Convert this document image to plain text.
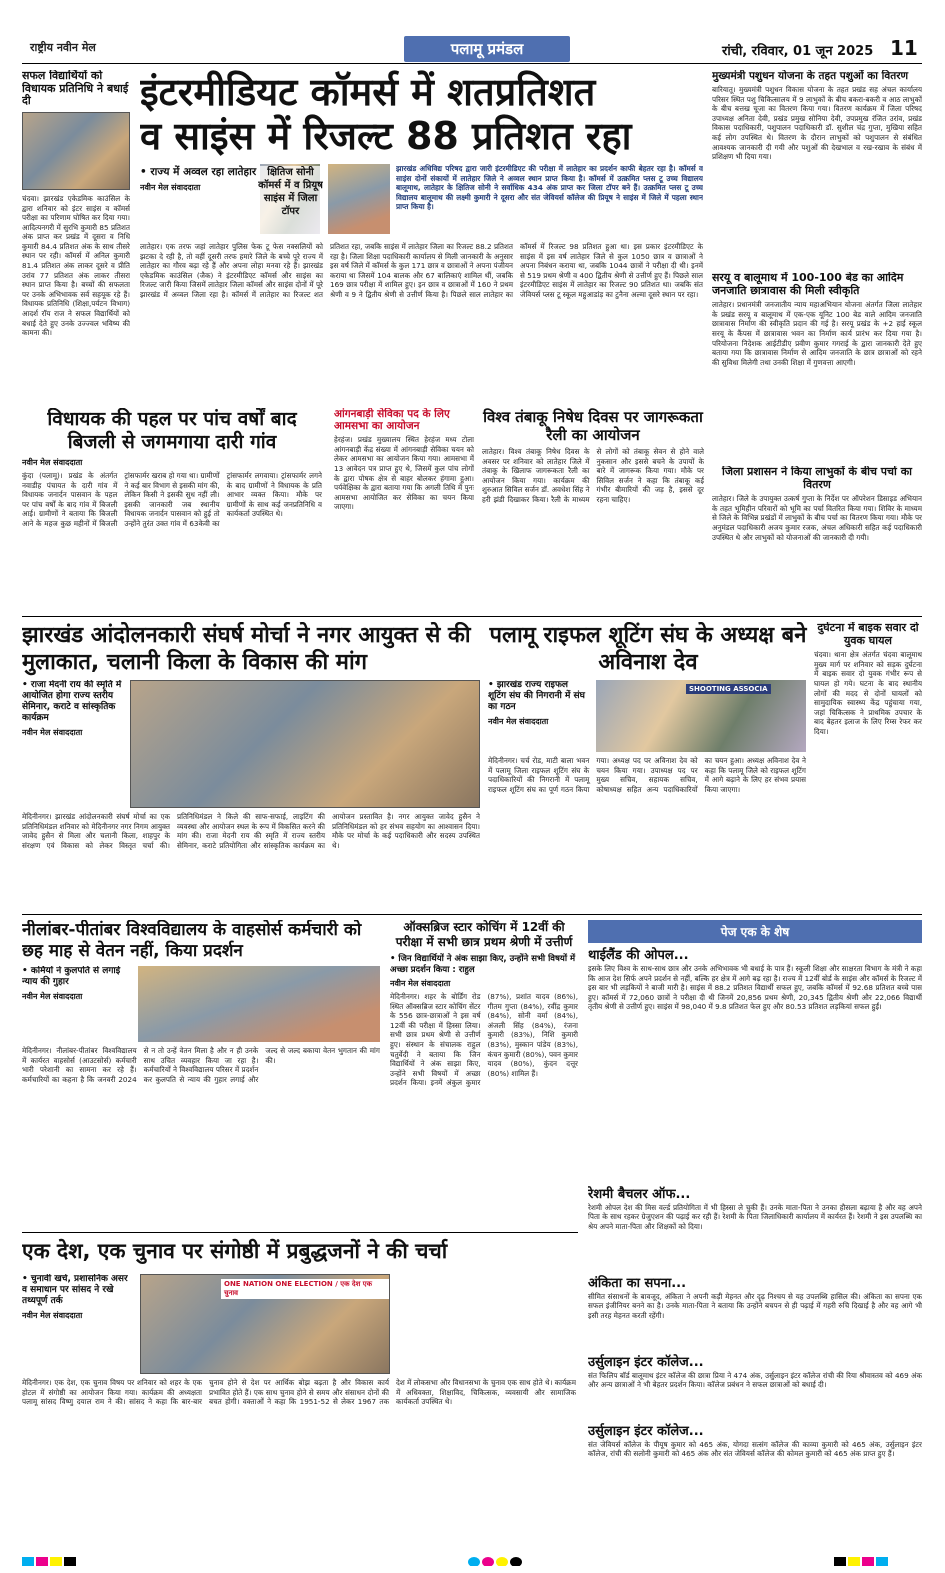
राष्ट्रीय नवीन मेल	पलामू प्रमंडल	रांची, रविवार, 01 जून 2025 11
सफल विद्यार्थियों को विधायक प्रतिनिधि ने बधाई दी
चंदवा। झारखंड एकेडमिक काउंसिल के द्वारा शनिवार को इंटर साइंस व कॉमर्स परीक्षा का परिणाम घोषित कर दिया गया। आदित्यनगरी में सुरभि कुमारी 85 प्रतिशत अंक प्राप्त कर प्रखंड में दूसरा व निधि कुमारी 84.4 प्रतिशत अंक के साथ तीसरे स्थान पर रही। कॉमर्स में अनिल कुमारी 81.4 प्रतिशत अंक लाकर दूसरे व प्रीति उरांव 77 प्रतिशत अंक लाकर तीसरा स्थान प्राप्त किया है। बच्चों की सफलता पर उनके अभिभावक सर्व सहयूक रहे हैं। विधायक प्रतिनिधि (शिक्षा,पर्यटन विभाग) आदर्श रॉय राज ने सफल विद्यार्थियों को बधाई देते हुए उनके उज्ज्वल भविष्य की कामना की।
इंटरमीडियट कॉमर्स में शतप्रतिशत
व साइंस में रिजल्ट 88 प्रतिशत रहा
• राज्य में अव्वल रहा लातेहार
नवीन मेल संवाददाता
क्षितिज सोनी कॉमर्स में व प्रियूष साइंस में जिला टॉपर
झारखंड अधिविद्य परिषद द्वारा जारी इंटरमीडिएट की परीक्षा में लातेहार का प्रदर्शन काफी बेहतर रहा है। कॉमर्स व साइंस दोनों संकायों में लातेहार जिले ने अव्वल स्थान प्राप्त किया है। कॉमर्स में उत्क्रमित प्लस टू उच्च विद्यालय बालूमाथ, लातेहार के क्षितिज सोनी ने सर्वाधिक 434 अंक प्राप्त कर जिला टॉपर बने हैं। उत्क्रमित प्लस टू उच्च विद्यालय बालूमाथ की लक्ष्मी कुमारी ने दूसरा और संत जेवियर्स कॉलेज की प्रियूष ने साइंस में जिले में पहला स्थान प्राप्त किया है।
लातेहार। एक तरफ जहां लातेहार पुलिस फेक टू फेस नक्सलियों को झटका दे रही है, तो वहीं दूसरी तरफ हमारे जिले के बच्चे पूरे राज्य में लातेहार का गौरव बढ़ा रहे हैं और अपना लोहा मनवा रहे हैं। झारखंड एकेडमिक काउंसिल (जैक) ने इंटरमीडिएट कॉमर्स और साइंस का रिजल्ट जारी किया जिसमें लातेहार जिला कॉमर्स और साइंस दोनों में पूरे झारखंड में अव्वल जिला रहा है। कॉमर्स में लातेहार का रिजल्ट शत प्रतिशत रहा, जबकि साइंस में लातेहार जिला का रिजल्ट 88.2 प्रतिशत रहा है। जिला शिक्षा पदाधिकारी कार्यालय से मिली जानकारी के अनुसार इस वर्ष जिले में कॉमर्स के कुल 171 छात्र व छात्राओं ने अपना पंजीयन कराया था जिसमें 104 बालक और 67 बालिकाएं शामिल थीं, जबकि 169 छात्र परीक्षा में शामिल हुए। इन छात्र व छात्राओं में 160 ने प्रथम श्रेणी व 9 ने द्वितीय श्रेणी से उत्तीर्ण किया है। पिछले साल लातेहार का कॉमर्स में रिजल्ट 98 प्रतिशत हुआ था। इस प्रकार इंटरमीडिएट के साइंस में इस वर्ष लातेहार जिले से कुल 1050 छात्र व छात्राओं ने अपना निबंधन कराया था, जबकि 1044 छात्रों ने परीक्षा दी थी। इनमें से 519 प्रथम श्रेणी व 400 द्वितीय श्रेणी से उत्तीर्ण हुए हैं। पिछले साल इंटरमीडिएट साइंस में लातेहार का रिजल्ट 90 प्रतिशत था। जबकि संत जेवियर्स प्लस टू स्कूल महुआडांड़ का टुनैना अल्मा दूसरे स्थान पर रहा।
मुख्यमंत्री पशुधन योजना के तहत पशुओं का वितरण
बारियातू। मुख्यमंत्री पशुधन विकास योजना के तहत प्रखंड सह अंचल कार्यालय परिसर स्थित पशु चिकित्सालय में 9 लाभुकों के बीच बकरा-बकरी व आठ लाभुकों के बीच बत्तख चूजा का वितरण किया गया। वितरण कार्यक्रम में जिला परिषद उपाध्यक्ष अनिता देवी, प्रखंड प्रमुख सोनिया देवी, उपप्रमुख रंजित उरांव, प्रखंड विकास पदाधिकारी, पशुपालन पदाधिकारी डॉ. सुशील चंद्र गुप्ता, मुखिया सहित कई लोग उपस्थित थे। वितरण के दौरान लाभुकों को पशुपालन से संबंधित आवश्यक जानकारी दी गयी और पशुओं की देखभाल व रख-रखाव के संबंध में प्रशिक्षण भी दिया गया।
सरयू व बालूमाथ में 100-100 बेड का आदिम जनजाति छात्रावास की मिली स्वीकृति
लातेहार। प्रधानमंत्री जनजातीय न्याय महाअभियान योजना अंतर्गत जिला लातेहार के प्रखंड सरयू व बालूमाथ में एक-एक यूनिट 100 बेड वाले आदिम जनजाति छात्रावास निर्माण की स्वीकृति प्रदान की गई है। सरयू प्रखंड के +2 हाई स्कूल सरयू के कैंपस में छात्रावास भवन का निर्माण कार्य प्रारंभ कर दिया गया है। परियोजना निदेशक आईटीडीए प्रवीण कुमार गगराई के द्वारा जानकारी देते हुए बताया गया कि छात्रावास निर्माण से आदिम जनजाति के छात्र छात्राओं को रहने की सुविधा मिलेगी तथा उनकी शिक्षा में गुणवत्ता आएगी।
जिला प्रशासन ने किया लाभुकों के बीच पर्चा का वितरण
लातेहार। जिले के उपायुक्त उत्कर्ष गुप्ता के निर्देश पर ऑपरेशन डिसाइड अभियान के तहत भूमिहीन परिवारों को भूमि का पर्चा वितरित किया गया। शिविर के माध्यम से जिले के विभिन्न प्रखंडों में लाभुकों के बीच पर्चा का वितरण किया गया। मौके पर अनुमंडल पदाधिकारी अजय कुमार रजक, अंचल अधिकारी सहित कई पदाधिकारी उपस्थित थे और लाभुकों को योजनाओं की जानकारी दी गयी।
विधायक की पहल पर पांच वर्षों बाद बिजली से जगमगाया दारी गांव
नवीन मेल संवाददाता
कुंदा (पलामू)। प्रखंड के अंतर्गत नवाडीह पंचायत के दारी गांव में विधायक जनार्दन पासवान के पहल पर पांच वर्षों के बाद गांव में बिजली आई। ग्रामीणों ने बताया कि बिजली आने के महज कुछ महीनों में बिजली ट्रांसफार्मर खराब हो गया था। ग्रामीणों ने कई बार विभाग से इसकी मांग की, लेकिन किसी ने इसकी सुध नहीं ली। इसकी जानकारी जब स्थानीय विधायक जनार्दन पासवान को हुई तो उन्होंने तुरंत उक्त गांव में 63केवी का ट्रांसफार्मर लगवाया। ट्रांसफार्मर लगने के बाद ग्रामीणों ने विधायक के प्रति आभार व्यक्त किया। मौके पर ग्रामीणों के साथ कई जनप्रतिनिधि व कार्यकर्ता उपस्थित थे।
आंगनबाड़ी सेविका पद के लिए आमसभा का आयोजन
हेरहंज। प्रखंड मुख्यालय स्थित हेरहंज मध्य टोला आंगनबाड़ी केंद्र संख्या में आंगनबाड़ी सेविका चयन को लेकर आमसभा का आयोजन किया गया। आमसभा में 13 आवेदन पत्र प्राप्त हुए थे, जिसमें कुल पांच लोगों के द्वारा पोषक क्षेत्र से बाहर बोलकर हंगामा हुआ। पर्यवेक्षिका के द्वारा बताया गया कि अगली तिथि में पुनः आमसभा आयोजित कर सेविका का चयन किया जाएगा।
विश्व तंबाकू निषेध दिवस पर जागरूकता रैली का आयोजन
लातेहार। विश्व तंबाकू निषेध दिवस के अवसर पर शनिवार को लातेहार जिले में तंबाकू के खिलाफ जागरूकता रैली का आयोजन किया गया। कार्यक्रम की शुरुआत सिविल सर्जन डॉ. अवधेश सिंह ने हरी झंडी दिखाकर किया। रैली के माध्यम से लोगों को तंबाकू सेवन से होने वाले नुकसान और इससे बचने के उपायों के बारे में जागरूक किया गया। मौके पर सिविल सर्जन ने कहा कि तंबाकू कई गंभीर बीमारियों की जड़ है, इससे दूर रहना चाहिए।
झारखंड आंदोलनकारी संघर्ष मोर्चा ने नगर आयुक्त से की मुलाकात, चलानी किला के विकास की मांग
• राजा मेदनी राय की स्मृति में आयोजित होगा राज्य स्तरीय सेमिनार, कराटे व सांस्कृतिक कार्यक्रम
नवीन मेल संवाददाता
मेदिनीनगर। झारखंड आंदोलनकारी संघर्ष मोर्चा का एक प्रतिनिधिमंडल शनिवार को मेदिनीनगर नगर निगम आयुक्त जावेद हुसैन से मिला और चलानी किला, शाहपुर के संरक्षण एवं विकास को लेकर विस्तृत चर्चा की। प्रतिनिधिमंडल ने किले की साफ-सफाई, लाइटिंग की व्यवस्था और आयोजन स्थल के रूप में विकसित करने की मांग की। राजा मेदनी राय की स्मृति में राज्य स्तरीय सेमिनार, कराटे प्रतियोगिता और सांस्कृतिक कार्यक्रम का आयोजन प्रस्तावित है। नगर आयुक्त जावेद हुसैन ने प्रतिनिधिमंडल को हर संभव सहयोग का आश्वासन दिया। मौके पर मोर्चा के कई पदाधिकारी और सदस्य उपस्थित थे।
पलामू राइफल शूटिंग संघ के अध्यक्ष बने अविनाश देव
• झारखंड राज्य राइफल शूटिंग संघ की निगरानी में संघ का गठन
नवीन मेल संवाददाता
SHOOTING ASSOCIA
मेदिनीनगर। चर्च रोड, माटी बाला भवन में पलामू जिला राइफल शूटिंग संघ के पदाधिकारियों की निगरानी में पलामू राइफल शूटिंग संघ का पूर्ण गठन किया गया। अध्यक्ष पद पर अविनाश देव को चयन किया गया। उपाध्यक्ष पद पर मुख्य सचिव, सहायक सचिव, कोषाध्यक्ष सहित अन्य पदाधिकारियों का चयन हुआ। अध्यक्ष अविनाश देव ने कहा कि पलामू जिले को राइफल शूटिंग में आगे बढ़ाने के लिए हर संभव प्रयास किया जाएगा।
दुर्घटना में बाइक सवार दो युवक घायल
चंदवा। थाना क्षेत्र अंतर्गत चंदवा बालूमाथ मुख्य मार्ग पर शनिवार को सड़क दुर्घटना में बाइक सवार दो युवक गंभीर रूप से घायल हो गये। घटना के बाद स्थानीय लोगों की मदद से दोनों घायलों को सामुदायिक स्वास्थ्य केंद्र पहुंचाया गया, जहां चिकित्सक ने प्राथमिक उपचार के बाद बेहतर इलाज के लिए रिम्स रेफर कर दिया।
नीलांबर-पीतांबर विश्वविद्यालय के वाहसोर्स कर्मचारी को छह माह से वेतन नहीं, किया प्रदर्शन
• कर्मियों ने कुलपति से लगाई न्याय की गुहार
नवीन मेल संवाददाता
मेदिनीनगर। नीलांबर-पीतांबर विश्वविद्यालय में कार्यरत वाहसोर्स (आउटसोर्स) कर्मचारी भारी परेशानी का सामना कर रहे हैं। कर्मचारियों का कहना है कि जनवरी 2024 से न तो उन्हें वेतन मिला है और न ही उनके साथ उचित व्यवहार किया जा रहा है। कर्मचारियों ने विश्वविद्यालय परिसर में प्रदर्शन कर कुलपति से न्याय की गुहार लगाई और जल्द से जल्द बकाया वेतन भुगतान की मांग की।
ऑक्सब्रिज स्टार कोचिंग में 12वीं की परीक्षा में सभी छात्र प्रथम श्रेणी में उत्तीर्ण
• जिन विद्यार्थियों ने अंक साझा किए, उन्होंने सभी विषयों में अच्छा प्रदर्शन किया : राहुल
नवीन मेल संवाददाता
मेदिनीनगर। शहर के बोर्डिंग रोड स्थित ऑक्सब्रिज स्टार कोचिंग सेंटर के 556 छात्र-छात्राओं ने इस वर्ष 12वीं की परीक्षा में हिस्सा लिया। सभी छात्र प्रथम श्रेणी से उत्तीर्ण हुए। संस्थान के संचालक राहुल चतुर्वेदी ने बताया कि जिन विद्यार्थियों ने अंक साझा किए, उन्होंने सभी विषयों में अच्छा प्रदर्शन किया। इनमें अंकुल कुमार (87%), प्रशांत यादव (86%), गीतम गुप्ता (84%), रवींद्र कुमार (84%), सोनी वर्मा (84%), अंजली सिंह (84%), रंजना कुमारी (83%), निशि कुमारी (83%), मुस्कान पांडेय (83%), कंचन कुमारी (80%), पवन कुमार यादव (80%), कुंदन दत्तूर (80%) शामिल हैं।
पेज एक के शेष
थाईलैंड की ओपल...
इसके लिए विश्व के साथ-साथ छात्र और उनके अभिभावक भी बधाई के पात्र हैं। स्कूली शिक्षा और साक्षरता विभाग के मंत्री ने कहा कि आज देश सिर्फ अपने प्रदर्शन से नहीं, बल्कि हर क्षेत्र में आगे बढ़ रहा है। राज्य में 12वीं बोर्ड के साइंस और कॉमर्स के रिजल्ट में इस बार भी लड़कियों ने बाजी मारी है। साइंस में 88.2 प्रतिशत विद्यार्थी सफल हुए, जबकि कॉमर्स में 92.68 प्रतिशत बच्चे पास हुए। कॉमर्स में 72,060 छात्रों ने परीक्षा दी थी जिनमें 20,856 प्रथम श्रेणी, 20,345 द्वितीय श्रेणी और 22,066 विद्यार्थी तृतीय श्रेणी से उत्तीर्ण हुए। साइंस में 98,040 में 9.8 प्रतिशत फेल हुए और 80.53 प्रतिशत लड़कियां सफल हुईं।
रेशमी बैचलर ऑफ...
रेशमी ओपल देश की मिस वर्ल्ड प्रतियोगिता में भी हिस्सा ले चुकी हैं। उनके माता-पिता ने उनका हौसला बढ़ाया है और वह अपने पिता के साथ रहकर ग्रेजुएशन की पढ़ाई कर रही हैं। रेशमी के पिता जिलाधिकारी कार्यालय में कार्यरत हैं। रेशमी ने इस उपलब्धि का श्रेय अपने माता-पिता और शिक्षकों को दिया।
अंकिता का सपना...
सीमित संसाधनों के बावजूद, अंकिता ने अपनी कड़ी मेहनत और दृढ़ निश्चय से यह उपलब्धि हासिल की। अंकिता का सपना एक सफल इंजीनियर बनने का है। उनके माता-पिता ने बताया कि उन्होंने बचपन से ही पढ़ाई में गहरी रुचि दिखाई है और वह आगे भी इसी तरह मेहनत करती रहेंगी।
उर्सुलाइन इंटर कॉलेज...
संत फिलिप बॉर्ड बालूमाथ इंटर कॉलेज की छात्रा प्रिया ने 474 अंक, उर्सुलाइन इंटर कॉलेज रांची की रिया श्रीवास्तव को 469 अंक और अन्य छात्राओं ने भी बेहतर प्रदर्शन किया। कॉलेज प्रबंधन ने सफल छात्राओं को बधाई दी।
उर्सुलाइन इंटर कॉलेज...
संत जेवियर्स कॉलेज के पीयूष कुमार को 465 अंक, योगदा सत्संग कॉलेज की काव्या कुमारी को 465 अंक, उर्सुलाइन इंटर कॉलेज, रांची की सलोनी कुमारी को 465 अंक और संत जेवियर्स कॉलेज की कोमल कुमारी को 465 अंक प्राप्त हुए हैं।
एक देश, एक चुनाव पर संगोष्ठी में प्रबुद्धजनों ने की चर्चा
• चुनावी खर्च, प्रशासनिक असर व समाधान पर सांसद ने रखे तथ्यपूर्ण तर्क
नवीन मेल संवाददाता
ONE NATION ONE ELECTION / एक देश एक चुनाव
मेदिनीनगर। एक देश, एक चुनाव विषय पर शनिवार को शहर के एक होटल में संगोष्ठी का आयोजन किया गया। कार्यक्रम की अध्यक्षता पलामू सांसद विष्णु दयाल राम ने की। सांसद ने कहा कि बार-बार चुनाव होने से देश पर आर्थिक बोझ बढ़ता है और विकास कार्य प्रभावित होते हैं। एक साथ चुनाव होने से समय और संसाधन दोनों की बचत होगी। वक्ताओं ने कहा कि 1951-52 से लेकर 1967 तक देश में लोकसभा और विधानसभा के चुनाव एक साथ होते थे। कार्यक्रम में अधिवक्ता, शिक्षाविद, चिकित्सक, व्यवसायी और सामाजिक कार्यकर्ता उपस्थित थे।
